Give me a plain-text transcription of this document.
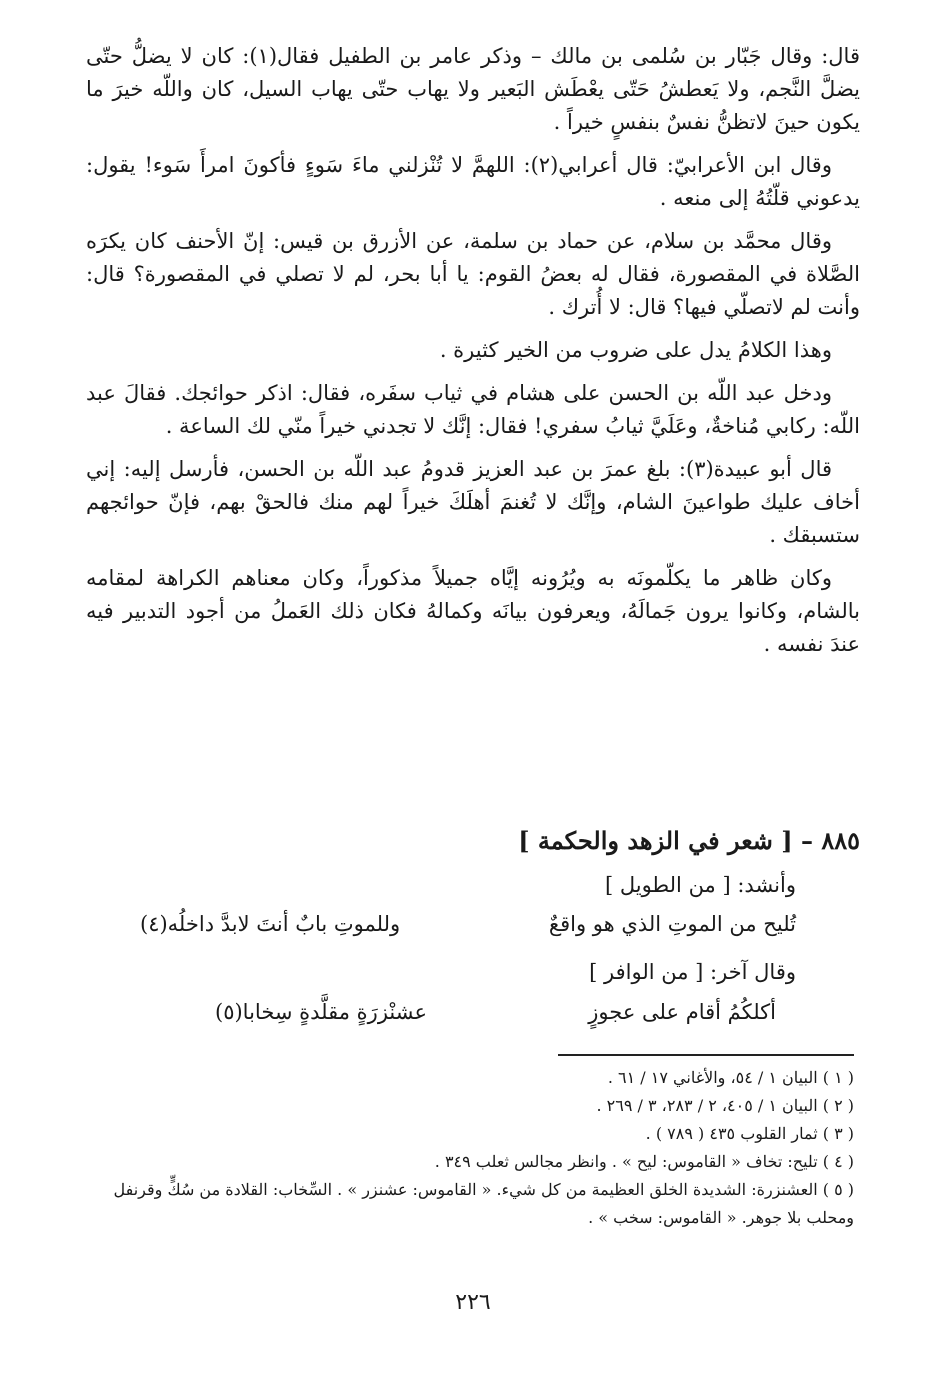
قال: وقال جَبّار بن سُلمى بن مالك – وذكر عامر بن الطفيل فقال(١): كان لا يضلُّ حتّى يضلَّ النَّجم، ولا يَعطشُ حَتّى يعْطَش البَعير ولا يهاب حتّى يهاب السيل، كان واللّه خيرَ ما يكون حينَ لاتظنُّ نفسٌ بنفسٍ خيراً .

وقال ابن الأعرابيّ: قال أعرابي(٢): اللهمَّ لا تُنْزلني ماءَ سَوءٍ فأكونَ امرأَ سَوء! يقول: يدعوني قلّتُهُ إلى منعه .

وقال محمَّد بن سلام، عن حماد بن سلمة، عن الأزرق بن قيس: إنّ الأحنف كان يكرَه الصَّلاة في المقصورة، فقال له بعضُ القوم: يا أبا بحر، لم لا تصلي في المقصورة؟ قال: وأنت لم لاتصلّي فيها؟ قال: لا أُترك .

وهذا الكلامُ يدل على ضروب من الخير كثيرة .

ودخل عبد اللّه بن الحسن على هشام في ثياب سفَره، فقال: اذكر حوائجك. فقالَ عبد اللّه: ركابي مُناخةٌ، وعَلَيَّ ثيابُ سفري! فقال: إنَّك لا تجدني خيراً منّي لك الساعة .

قال أبو عبيدة(٣): بلغ عمرَ بن عبد العزيز قدومُ عبد اللّه بن الحسن، فأرسل إليه: إني أخاف عليك طواعينَ الشام، وإنَّك لا تُغنمَ أهلَكَ خيراً لهم منك فالحقْ بهم، فإنّ حوائجهم ستسبقك .

وكان ظاهر ما يكلّمونَه به ويُرُونه إيَّاه جميلاً مذكوراً، وكان معناهم الكراهة لمقامه بالشام، وكانوا يرون جَمالَهُ، ويعرفون بيانَه وكمالهُ فكان ذلك العَملُ من أجود التدبير فيه عندَ نفسه .

٨٨٥ – [ شعر في الزهد والحكمة ]
وأنشد: [ من الطويل ]
تُليح من الموتِ الذي هو واقعٌ
وللموتِ بابٌ أنتَ لابدَّ داخلُه(٤)
وقال آخر: [ من الوافر ]
أكلكُمُ أقام على عجوزٍ
عشنْزرَةٍ مقلَّدةٍ سِخابا(٥)

( ١ ) البيان ١ / ٥٤، والأغاني ١٧ / ٦١ .

( ٢ ) البيان ١ / ٤٠٥، ٢ / ٢٨٣، ٣ / ٢٦٩ .

( ٣ ) ثمار القلوب ٤٣٥ ( ٧٨٩ ) .

( ٤ ) تليح: تخاف « القاموس: ليح » . وانظر مجالس ثعلب ٣٤٩ .

( ٥ ) العشنزرة: الشديدة الخلق العظيمة من كل شيء. « القاموس: عشنزر » . السِّخاب: القلادة من سُكٍّ وقرنفل ومحلب بلا جوهر. « القاموس: سخب » .

٢٢٦
